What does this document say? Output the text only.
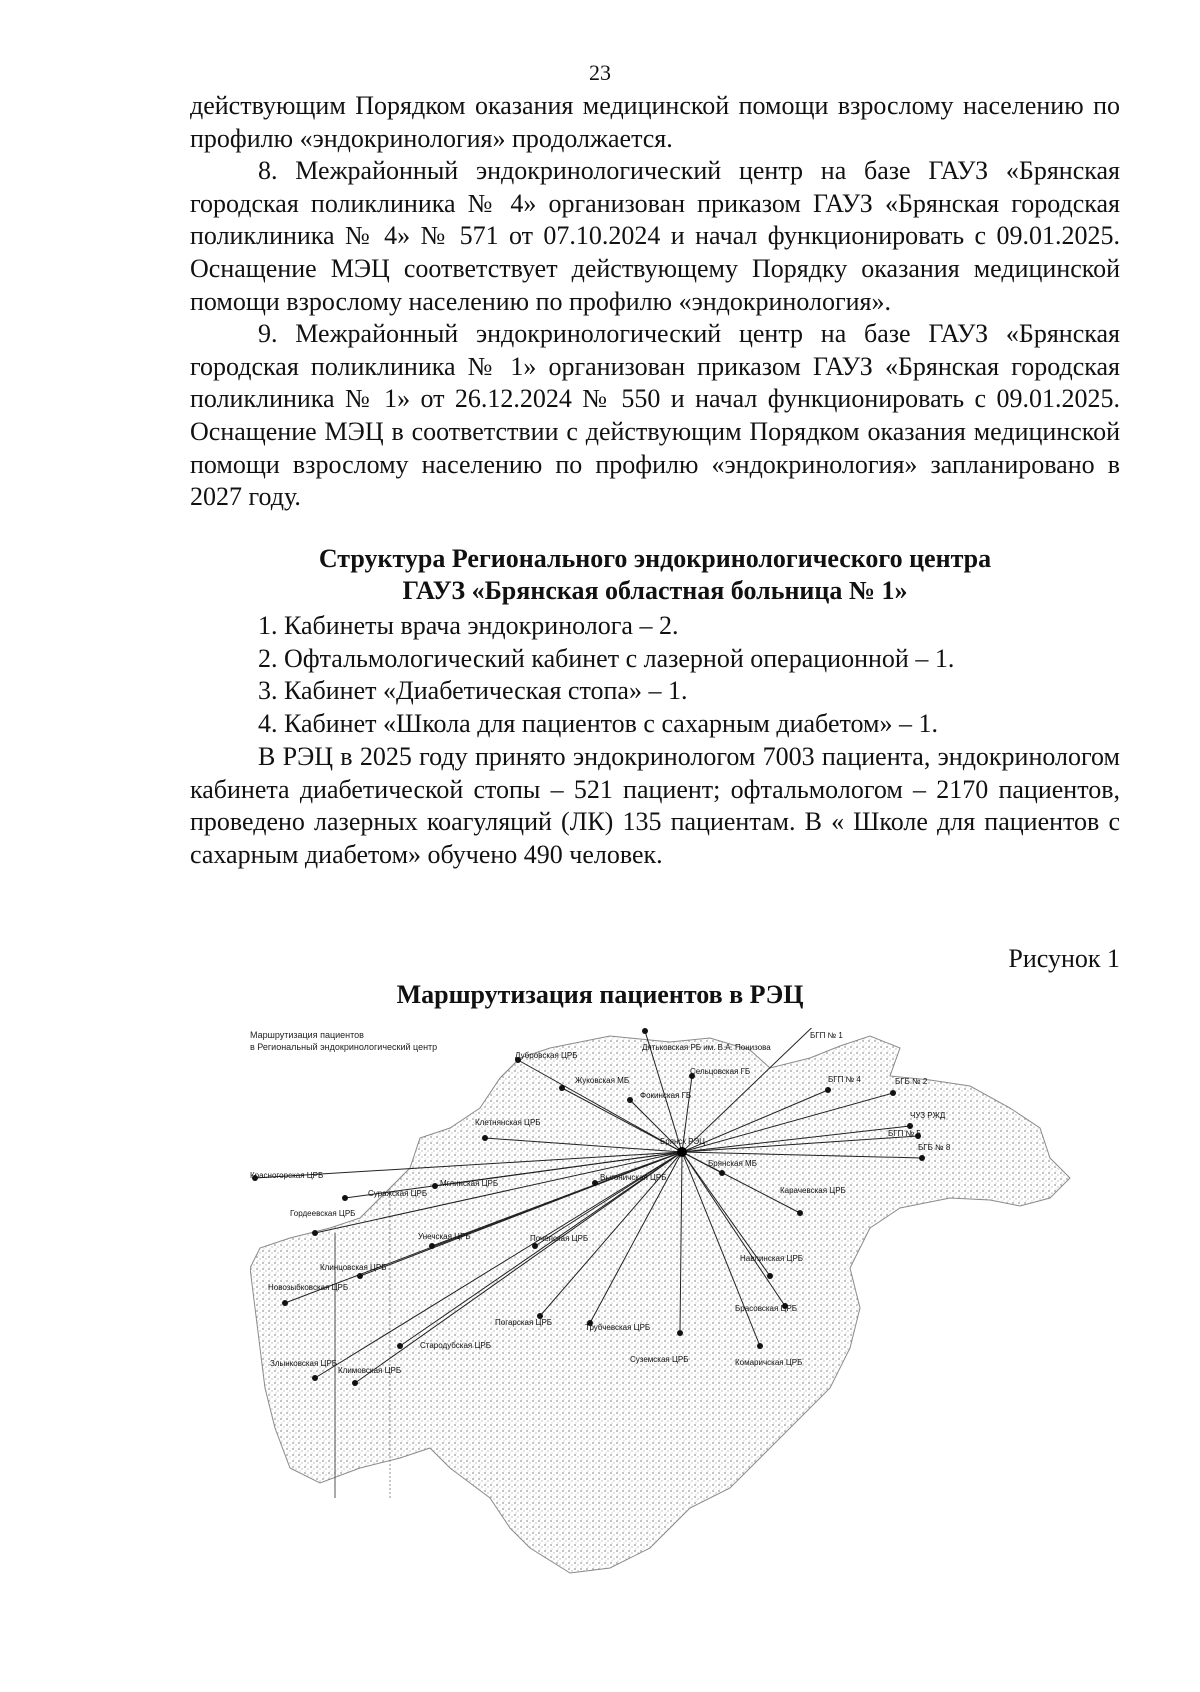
23

действующим Порядком оказания медицинской помощи взрослому населению по профилю «эндокринология» продолжается.

8. Межрайонный эндокринологический центр на базе ГАУЗ «Брянская городская поликлиника № 4» организован приказом ГАУЗ «Брянская городская поликлиника № 4» № 571 от 07.10.2024 и начал функционировать с 09.01.2025. Оснащение МЭЦ соответствует действующему Порядку оказания медицинской помощи взрослому населению по профилю «эндокринология».

9. Межрайонный эндокринологический центр на базе ГАУЗ «Брянская городская поликлиника № 1» организован приказом ГАУЗ «Брянская городская поликлиника № 1» от 26.12.2024 № 550 и начал функционировать с 09.01.2025. Оснащение МЭЦ в соответствии с действующим Порядком оказания медицинской помощи взрослому населению по профилю «эндокринология» запланировано в 2027 году.

Структура Регионального эндокринологического центра
ГАУЗ «Брянская областная больница № 1»
1. Кабинеты врача эндокринолога – 2.
2. Офтальмологический кабинет с лазерной операционной – 1.
3. Кабинет «Диабетическая стопа» – 1.
4. Кабинет «Школа для пациентов с сахарным диабетом» – 1.

В РЭЦ в 2025 году принято эндокринологом 7003 пациента, эндокринологом кабинета диабетической стопы – 521 пациент; офтальмологом – 2170 пациентов, проведено лазерных коагуляций (ЛК) 135 пациентам. В « Школе для пациентов с сахарным диабетом» обучено 490 человек.

Рисунок 1
Маршрутизация пациентов в РЭЦ
Маршрутизация пациентов
в Региональный эндокринологический центр	Дятьковская РБ им. В.А. Понизова
Дубровская ЦРБ
Жуковская МБ
Сельцовская ГБ
Фокинская ГБ
Клетнянская ЦРБ
Брянская МБ
БГП № 1
БГП № 4	БГБ № 2
ЧУЗ РЖД
БГП № 5
БГБ № 8
Красногорская ЦРБ
Суражская ЦРБ
Мглинская ЦРБ
Выгоничская ЦРБ
Карачевская ЦРБ
Гордеевская ЦРБ
Унечская ЦРБ	Почепская ЦРБ
Клинцовская ЦРБ
Навлинская ЦРБ
Новозыбковская ЦРБ
Брасовская ЦРБ
Погарская ЦРБ
Трубчевская ЦРБ
Стародубская ЦРБ
Суземская ЦРБ	Комаричская ЦРБ
Злынковская ЦРБ
Климовская ЦРБ
Брянск РЭЦ
